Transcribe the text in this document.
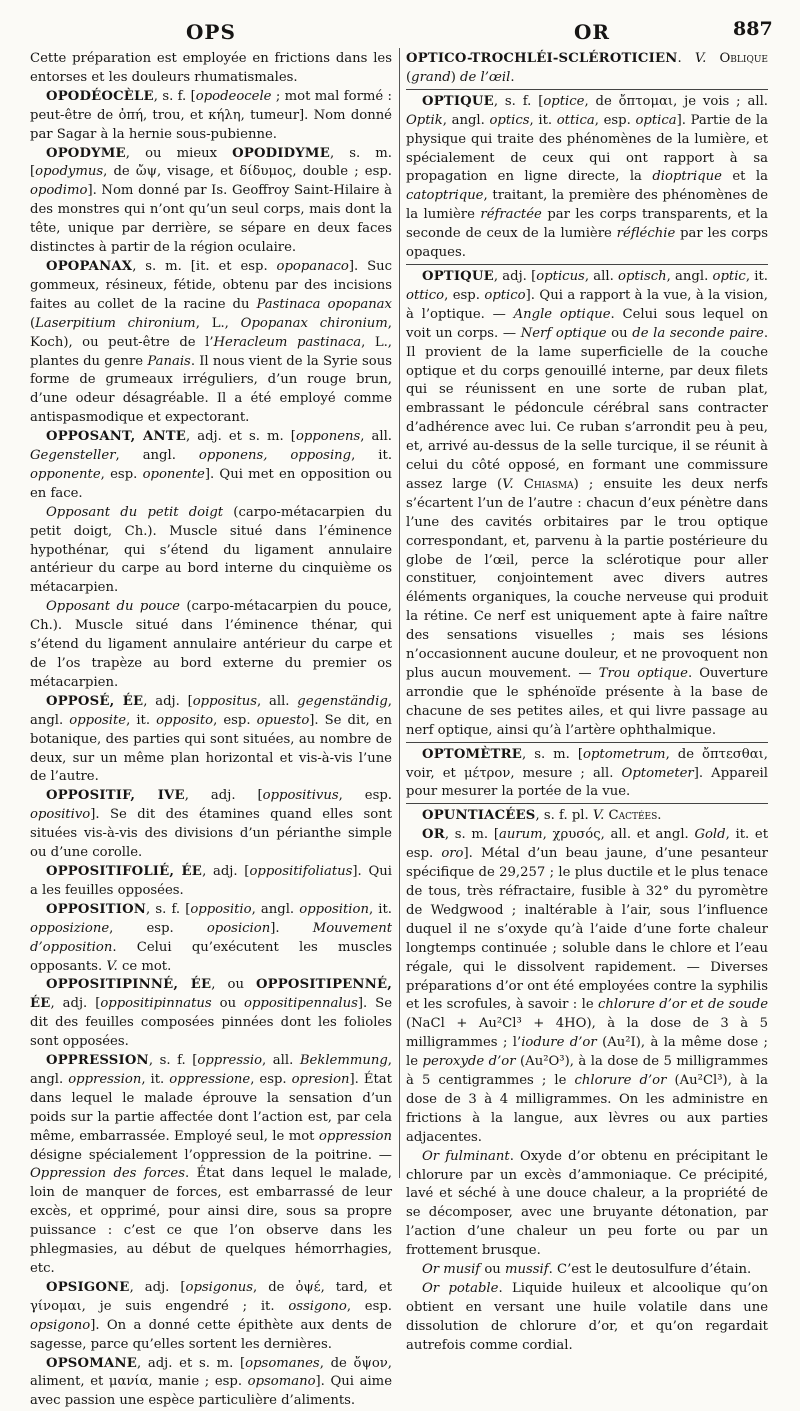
OPS	OR	887

Cette préparation est employée en frictions dans les entorses et les douleurs rhumatismales.

OPODÉOCÈLE, s. f. [opodeocele ; mot mal formé : peut-être de ὀπή, trou, et κήλη, tumeur]. Nom donné par Sagar à la hernie sous-pubienne.

OPODYME, ou mieux OPODIDYME, s. m. [opodymus, de ὤψ, visage, et δίδυμος, double ; esp. opodimo]. Nom donné par Is. Geoffroy Saint-Hilaire à des monstres qui n’ont qu’un seul corps, mais dont la tête, unique par derrière, se sépare en deux faces distinctes à partir de la région oculaire.

OPOPANAX, s. m. [it. et esp. opopanaco]. Suc gommeux, résineux, fétide, obtenu par des incisions faites au collet de la racine du Pastinaca opopanax (Laserpitium chironium, L., Opopanax chironium, Koch), ou peut-être de l’Heracleum pastinaca, L., plantes du genre Panais. Il nous vient de la Syrie sous forme de grumeaux irréguliers, d’un rouge brun, d’une odeur désagréable. Il a été employé comme antispasmodique et expectorant.

OPPOSANT, ANTE, adj. et s. m. [opponens, all. Gegensteller, angl. opponens, opposing, it. opponente, esp. oponente]. Qui met en opposition ou en face.

Opposant du petit doigt (carpo-métacarpien du petit doigt, Ch.). Muscle situé dans l’éminence hypothénar, qui s’étend du ligament annulaire antérieur du carpe au bord interne du cinquième os métacarpien.

Opposant du pouce (carpo-métacarpien du pouce, Ch.). Muscle situé dans l’éminence thénar, qui s’étend du ligament annulaire antérieur du carpe et de l’os trapèze au bord externe du premier os métacarpien.

OPPOSÉ, ÉE, adj. [oppositus, all. gegenständig, angl. opposite, it. opposito, esp. opuesto]. Se dit, en botanique, des parties qui sont situées, au nombre de deux, sur un même plan horizontal et vis-à-vis l’une de l’autre.

OPPOSITIF, IVE, adj. [oppositivus, esp. opositivo]. Se dit des étamines quand elles sont situées vis-à-vis des divisions d’un périanthe simple ou d’une corolle.

OPPOSITIFOLIÉ, ÉE, adj. [oppositifoliatus]. Qui a les feuilles opposées.

OPPOSITION, s. f. [oppositio, angl. opposition, it. opposizione, esp. oposicion]. Mouvement d’opposition. Celui qu’exécutent les muscles opposants. V. ce mot.

OPPOSITIPINNÉ, ÉE, ou OPPOSITIPENNÉ, ÉE, adj. [oppositipinnatus ou oppositipennalus]. Se dit des feuilles composées pinnées dont les folioles sont opposées.

OPPRESSION, s. f. [oppressio, all. Beklemmung, angl. oppression, it. oppressione, esp. opresion]. État dans lequel le malade éprouve la sensation d’un poids sur la partie affectée dont l’action est, par cela même, embarrassée. Employé seul, le mot oppression désigne spécialement l’oppression de la poitrine. — Oppression des forces. État dans lequel le malade, loin de manquer de forces, est embarrassé de leur excès, et opprimé, pour ainsi dire, sous sa propre puissance : c’est ce que l’on observe dans les phlegmasies, au début de quelques hémorrhagies, etc.

OPSIGONE, adj. [opsigonus, de ὀψέ, tard, et γίνομαι, je suis engendré ; it. ossigono, esp. opsigono]. On a donné cette épithète aux dents de sagesse, parce qu’elles sortent les dernières.

OPSOMANE, adj. et s. m. [opsomanes, de ὄψον, aliment, et μανία, manie ; esp. opsomano]. Qui aime avec passion une espèce particulière d’aliments.

OPTICO-TROCHLÉI-SCLÉROTICIEN. V. Oblique (grand) de l’œil.

OPTIQUE, s. f. [optice, de ὄπτομαι, je vois ; all. Optik, angl. optics, it. ottica, esp. optica]. Partie de la physique qui traite des phénomènes de la lumière, et spécialement de ceux qui ont rapport à sa propagation en ligne directe, la dioptrique et la catoptrique, traitant, la première des phénomènes de la lumière réfractée par les corps transparents, et la seconde de ceux de la lumière réfléchie par les corps opaques.

OPTIQUE, adj. [opticus, all. optisch, angl. optic, it. ottico, esp. optico]. Qui a rapport à la vue, à la vision, à l’optique. — Angle optique. Celui sous lequel on voit un corps. — Nerf optique ou de la seconde paire. Il provient de la lame superficielle de la couche optique et du corps genouillé interne, par deux filets qui se réunissent en une sorte de ruban plat, embrassant le pédoncule cérébral sans contracter d’adhérence avec lui. Ce ruban s’arrondit peu à peu, et, arrivé au-dessus de la selle turcique, il se réunit à celui du côté opposé, en formant une commissure assez large (V. Chiasma) ; ensuite les deux nerfs s’écartent l’un de l’autre : chacun d’eux pénètre dans l’une des cavités orbitaires par le trou optique correspondant, et, parvenu à la partie postérieure du globe de l’œil, perce la sclérotique pour aller constituer, conjointement avec divers autres éléments organiques, la couche nerveuse qui produit la rétine. Ce nerf est uniquement apte à faire naître des sensations visuelles ; mais ses lésions n’occasionnent aucune douleur, et ne provoquent non plus aucun mouvement. — Trou optique. Ouverture arrondie que le sphénoïde présente à la base de chacune de ses petites ailes, et qui livre passage au nerf optique, ainsi qu’à l’artère ophthalmique.

OPTOMÈTRE, s. m. [optometrum, de ὄπτεσθαι, voir, et μέτρον, mesure ; all. Optometer]. Appareil pour mesurer la portée de la vue.

OPUNTIACÉES, s. f. pl. V. Cactées.

OR, s. m. [aurum, χρυσός, all. et angl. Gold, it. et esp. oro]. Métal d’un beau jaune, d’une pesanteur spécifique de 29,257 ; le plus ductile et le plus tenace de tous, très réfractaire, fusible à 32° du pyromètre de Wedgwood ; inaltérable à l’air, sous l’influence duquel il ne s’oxyde qu’à l’aide d’une forte chaleur longtemps continuée ; soluble dans le chlore et l’eau régale, qui le dissolvent rapidement. — Diverses préparations d’or ont été employées contre la syphilis et les scrofules, à savoir : le chlorure d’or et de soude (NaCl + Au²Cl³ + 4HO), à la dose de 3 à 5 milligrammes ; l’iodure d’or (Au²I), à la même dose ; le peroxyde d’or (Au²O³), à la dose de 5 milligrammes à 5 centigrammes ; le chlorure d’or (Au²Cl³), à la dose de 3 à 4 milligrammes. On les administre en frictions à la langue, aux lèvres ou aux parties adjacentes.

Or fulminant. Oxyde d’or obtenu en précipitant le chlorure par un excès d’ammoniaque. Ce précipité, lavé et séché à une douce chaleur, a la propriété de se décomposer, avec une bruyante détonation, par l’action d’une chaleur un peu forte ou par un frottement brusque.

Or musif ou mussif. C’est le deutosulfure d’étain.

Or potable. Liquide huileux et alcoolique qu’on obtient en versant une huile volatile dans une dissolution de chlorure d’or, et qu’on regardait autrefois comme cordial.
